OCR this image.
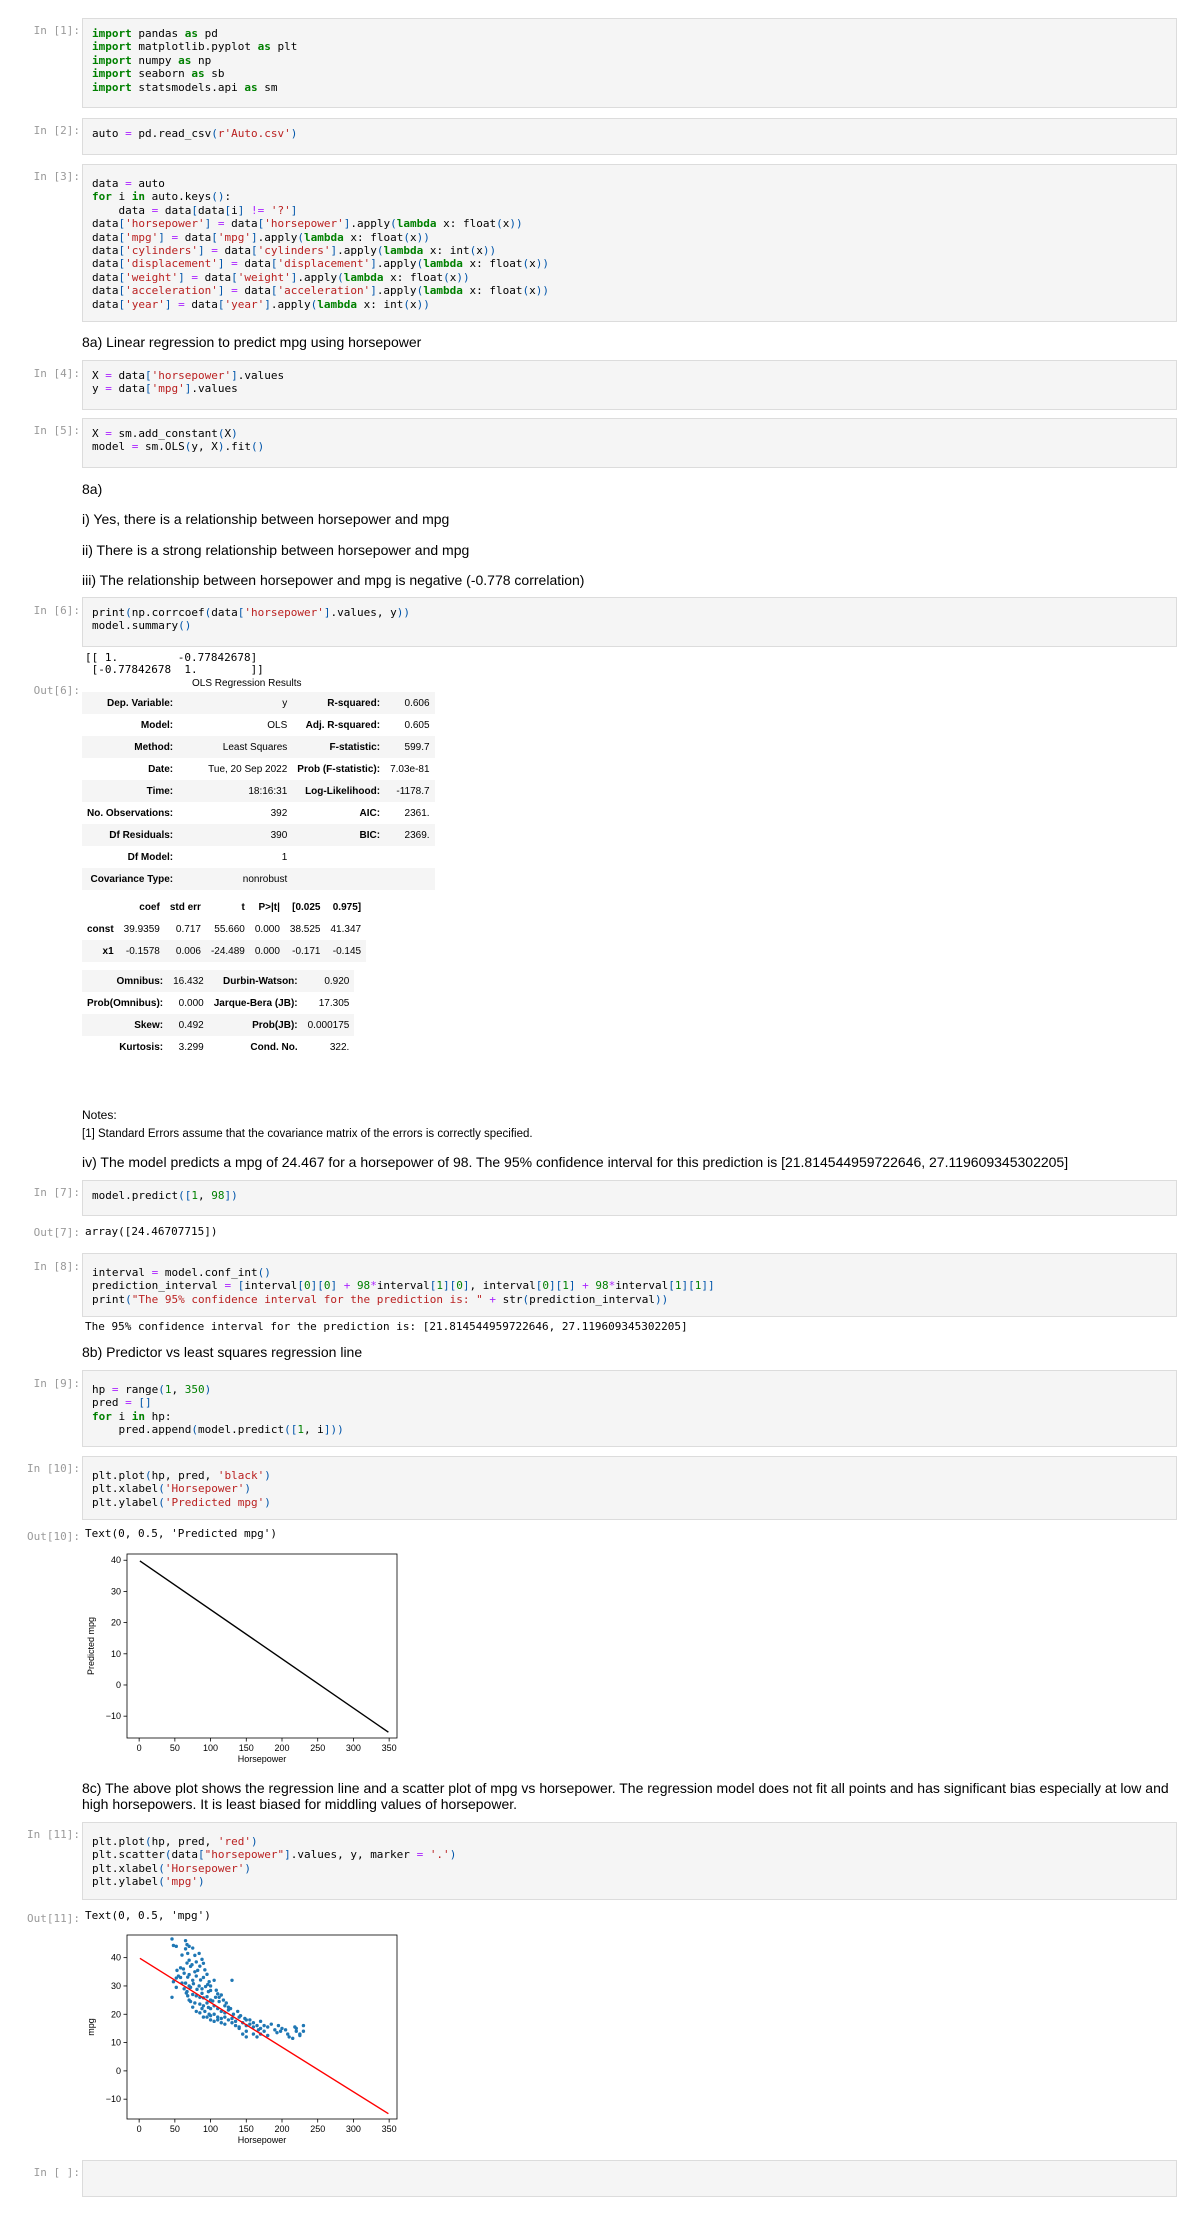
In [1]:	import pandas as pd
import matplotlib.pyplot as plt
import numpy as np
import seaborn as sb
import statsmodels.api as sm
In [2]:	auto = pd.read_csv(r'Auto.csv')
In [3]:
data = auto
for i in auto.keys():
data = data[data[i] != '?']
data['horsepower'] = data['horsepower'].apply(lambda x: float(x))
data['mpg'] = data['mpg'].apply(lambda x: float(x))
data['cylinders'] = data['cylinders'].apply(lambda x: int(x))
data['displacement'] = data['displacement'].apply(lambda x: float(x))
data['weight'] = data['weight'].apply(lambda x: float(x))
data['acceleration'] = data['acceleration'].apply(lambda x: float(x))
data['year'] = data['year'].apply(lambda x: int(x))
8a) Linear regression to predict mpg using horsepower
In [4]:	X = data['horsepower'].values
y = data['mpg'].values
In [5]:	X = sm.add_constant(X)
model = sm.OLS(y, X).fit()
8a)
i) Yes, there is a relationship between horsepower and mpg
ii) There is a strong relationship between horsepower and mpg
iii) The relationship between horsepower and mpg is negative (-0.778 correlation)
In [6]:	print(np.corrcoef(data['horsepower'].values, y))
model.summary()
[[ 1.         -0.77842678]
[-0.77842678  1.        ]]
Out[6]:
OLS Regression Results
Dep. Variable:	y	R-squared:	0.606
Model:	OLS	Adj. R-squared:	0.605
Method:	Least Squares	F-statistic:	599.7
Date:	Tue, 20 Sep 2022	Prob (F-statistic):	7.03e-81
Time:	18:16:31	Log-Likelihood:	-1178.7
No. Observations:	392	AIC:	2361.
Df Residuals:	390	BIC:	2369.
Df Model:	1		
Covariance Type:	nonrobust		
	coef	std err	t	P>|t|	[0.025	0.975]
const	39.9359	0.717	55.660	0.000	38.525	41.347
x1	-0.1578	0.006	-24.489	0.000	-0.171	-0.145
Omnibus:	16.432	Durbin-Watson:	0.920
Prob(Omnibus):	0.000	Jarque-Bera (JB):	17.305
Skew:	0.492	Prob(JB):	0.000175
Kurtosis:	3.299	Cond. No.	322.
Notes:
[1] Standard Errors assume that the covariance matrix of the errors is correctly specified.
iv) The model predicts a mpg of 24.467 for a horsepower of 98. The 95% confidence interval for this prediction is [21.814544959722646, 27.119609345302205]
In [7]:	model.predict([1, 98])
Out[7]: array([24.46707715])
In [8]:	interval = model.conf_int()
prediction_interval = [interval[0][0] + 98*interval[1][0], interval[0][1] + 98*interval[1][1]]
print("The 95% confidence interval for the prediction is: " + str(prediction_interval))
The 95% confidence interval for the prediction is: [21.814544959722646, 27.119609345302205]
8b) Predictor vs least squares regression line
In [9]:	hp = range(1, 350)
pred = []
for i in hp:
pred.append(model.predict([1, i]))
In [10]:
plt.plot(hp, pred, 'black')
plt.xlabel('Horsepower')
plt.ylabel('Predicted mpg')
Out[10]: Text(0, 0.5, 'Predicted mpg')
0	50	100 150 200 250 300 350
−10
0
10
20
30
40
Horsepower
Predicted mpg
8c) The above plot shows the regression line and a scatter plot of mpg vs horsepower. The regression model does not fit all points and has significant bias especially at low and high horsepowers. It is least biased for middling values of horsepower.
In [11]:
plt.plot(hp, pred, 'red')
plt.scatter(data["horsepower"].values, y, marker = '.')
plt.xlabel('Horsepower')
plt.ylabel('mpg')
Out[11]: Text(0, 0.5, 'mpg')
0	50	100 150 200 250 300 350
−10
0
10
20
30
40
Horsepower
mpg
In [ ]:
